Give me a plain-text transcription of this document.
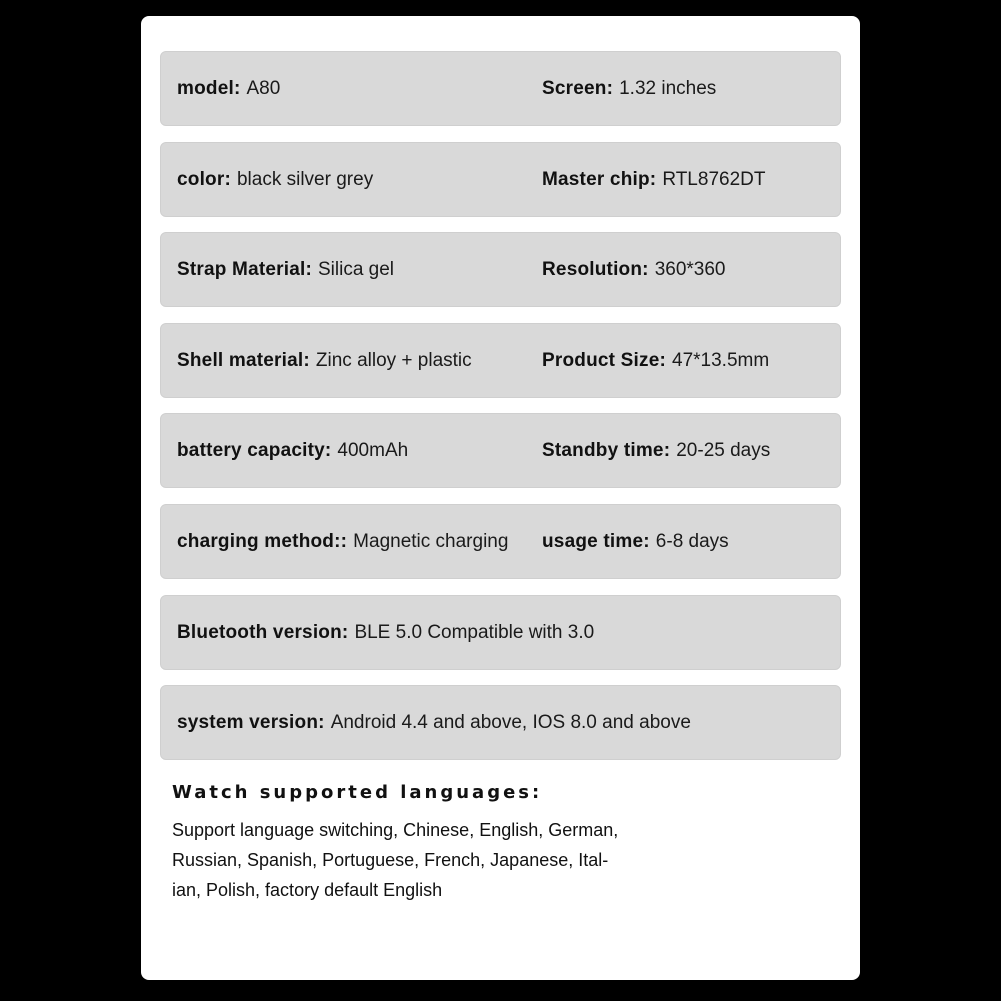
model: A80	Screen: 1.32 inches
color: black silver grey	Master chip: RTL8762DT
Strap Material: Silica gel	Resolution: 360*360
Shell material: Zinc alloy + plastic	Product Size: 47*13.5mm
battery capacity: 400mAh	Standby time: 20-25 days
charging method:: Magnetic charging usage time: 6-8 days
Bluetooth version: BLE 5.0 Compatible with 3.0
system version: Android 4.4 and above, IOS 8.0 and above
Watch supported languages:
Support language switching, Chinese, English, German,
Russian, Spanish, Portuguese, French, Japanese, Ital-
ian, Polish, factory default English
